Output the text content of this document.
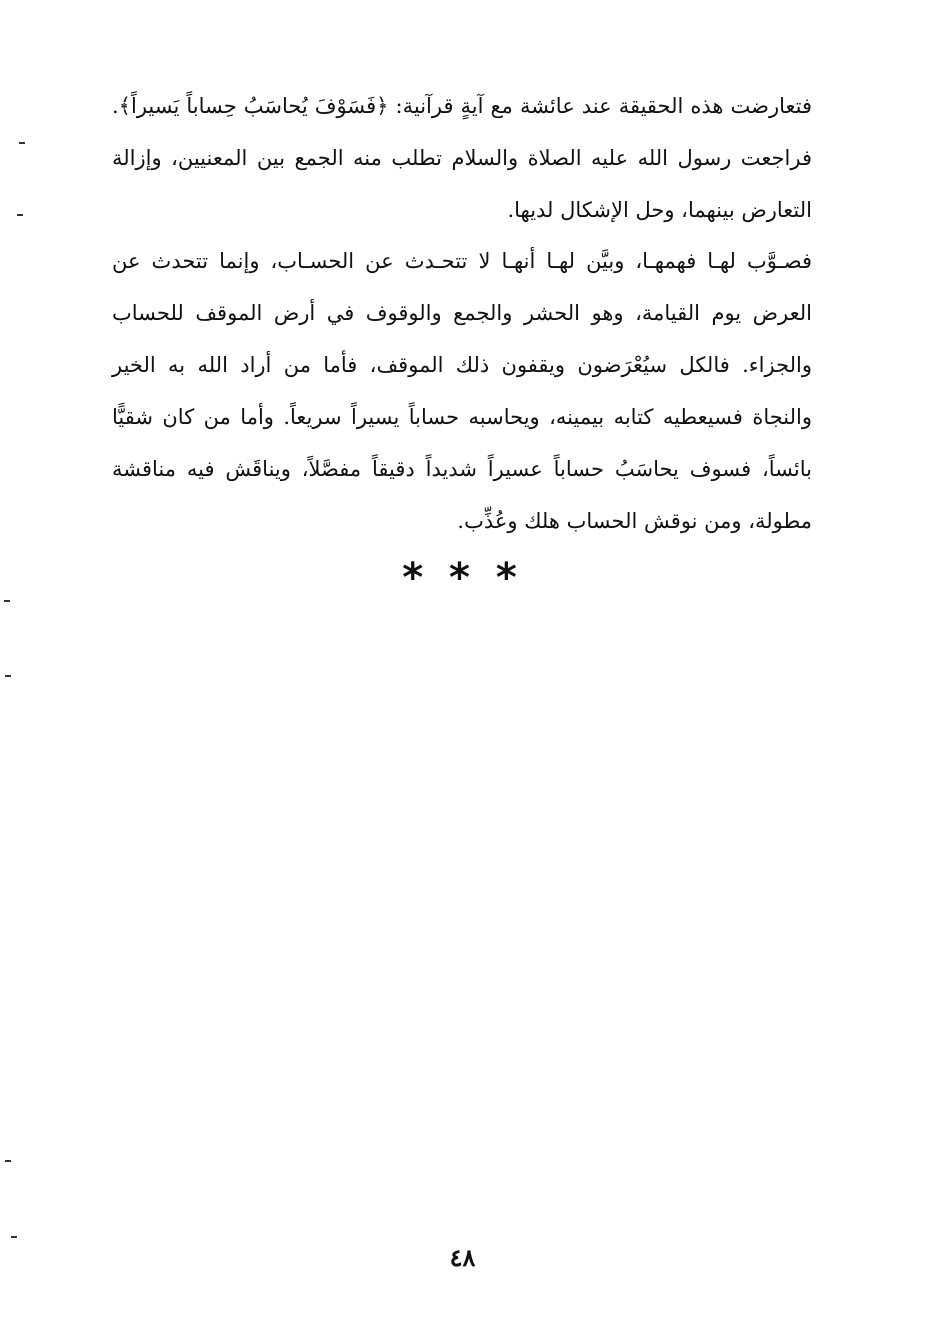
فتعارضت هذه الحقيقة عند عائشة مع آيةٍ قرآنية: ﴿فَسَوْفَ يُحاسَبُ حِساباً يَسيراً﴾. فراجعت رسول الله عليه الصلاة والسلام تطلب منه الجمع بين المعنيين، وإزالة التعارض بينهما، وحل الإشكال لديها.
فصـوَّب لهـا فهمهـا، وبيَّن لهـا أنهـا لا تتحـدث عن الحسـاب، وإنما تتحدث عن العرض يوم القيامة، وهو الحشر والجمع والوقوف في أرض الموقف للحساب والجزاء. فالكل سيُعْرَضون ويقفون ذلك الموقف، فأما من أراد الله به الخير والنجاة فسيعطيه كتابه بيمينه، ويحاسبه حساباً يسيراً سريعاً. وأما من كان شقيًّا بائساً، فسوف يحاسَبُ حساباً عسيراً شديداً دقيقاً مفصَّلاً، ويناقَش فيه مناقشة مطولة، ومن نوقش الحساب هلك وعُذِّب.
* * *
٤٨
